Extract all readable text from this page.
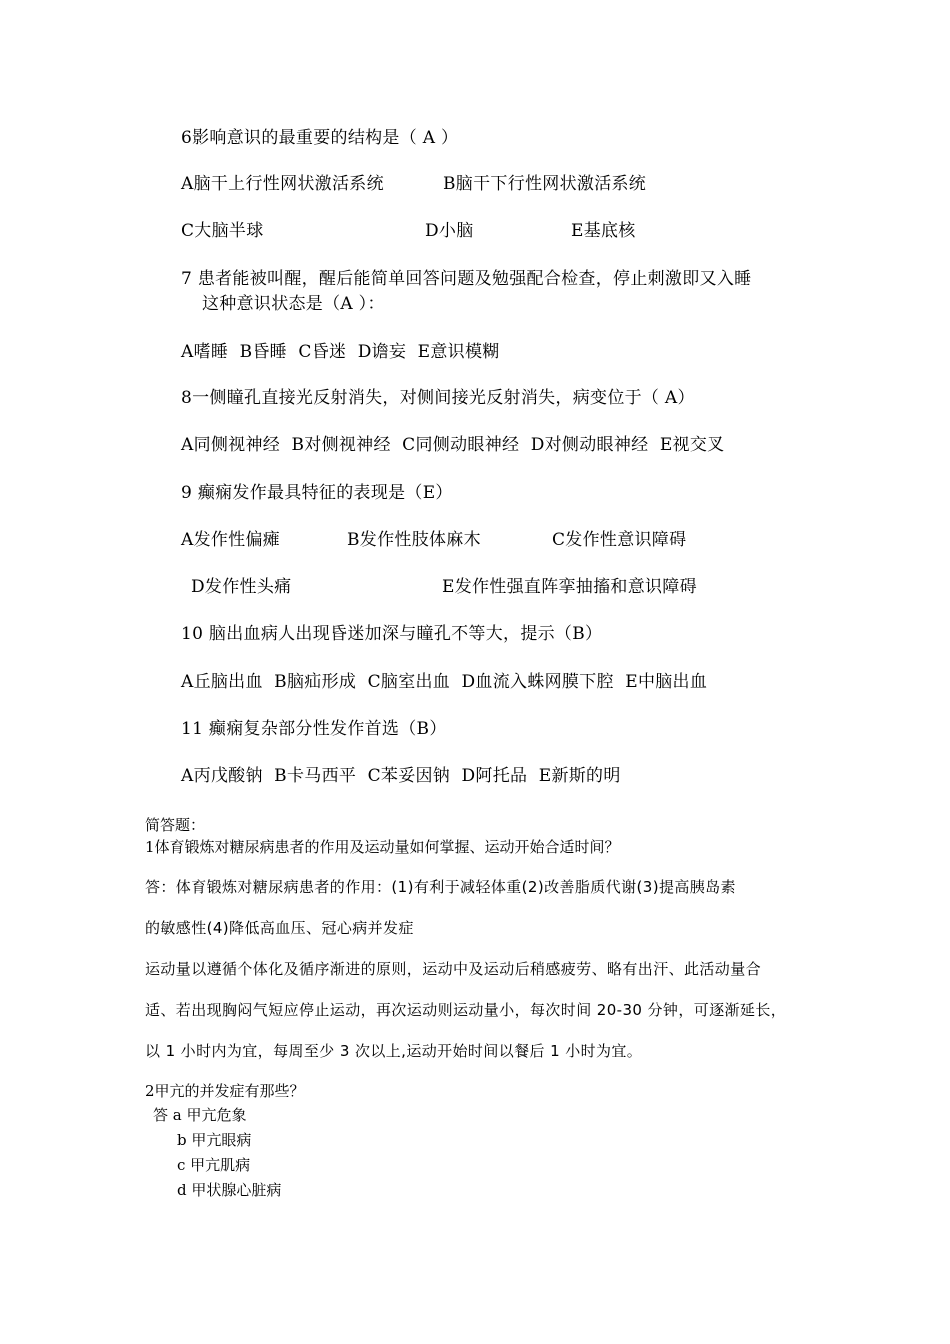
6影响意识的最重要的结构是（ A ）
A脑干上行性网状激活系统	B脑干下行性网状激活系统
C大脑半球	D小脑	E基底核
7 患者能被叫醒，醒后能简单回答问题及勉强配合检查，停止刺激即又入睡
这种意识状态是（A ）：
A嗜睡  B昏睡  C昏迷  D谵妄  E意识模糊
8一侧瞳孔直接光反射消失，对侧间接光反射消失，病变位于（ A）
A同侧视神经  B对侧视神经  C同侧动眼神经  D对侧动眼神经  E视交叉
9 癫痫发作最具特征的表现是（E）
A发作性偏瘫	B发作性肢体麻木	C发作性意识障碍
D发作性头痛	E发作性强直阵挛抽搐和意识障碍
10 脑出血病人出现昏迷加深与瞳孔不等大，提示（B）
A丘脑出血  B脑疝形成  C脑室出血  D血流入蛛网膜下腔  E中脑出血
11 癫痫复杂部分性发作首选（B）
A丙戊酸钠  B卡马西平  C苯妥因钠  D阿托品  E新斯的明
简答题：
1体育锻炼对糖尿病患者的作用及运动量如何掌握、运动开始合适时间？
答：体育锻炼对糖尿病患者的作用：(1)有利于减轻体重(2)改善脂质代谢(3)提高胰岛素
的敏感性(4)降低高血压、冠心病并发症
运动量以遵循个体化及循序渐进的原则，运动中及运动后稍感疲劳、略有出汗、此活动量合
适、若出现胸闷气短应停止运动，再次运动则运动量小，每次时间 20-30 分钟，可逐渐延长，
以 1 小时内为宜，每周至少 3 次以上,运动开始时间以餐后 1 小时为宜。
2甲亢的并发症有那些？
答 a 甲亢危象
b 甲亢眼病
c 甲亢肌病
d 甲状腺心脏病
